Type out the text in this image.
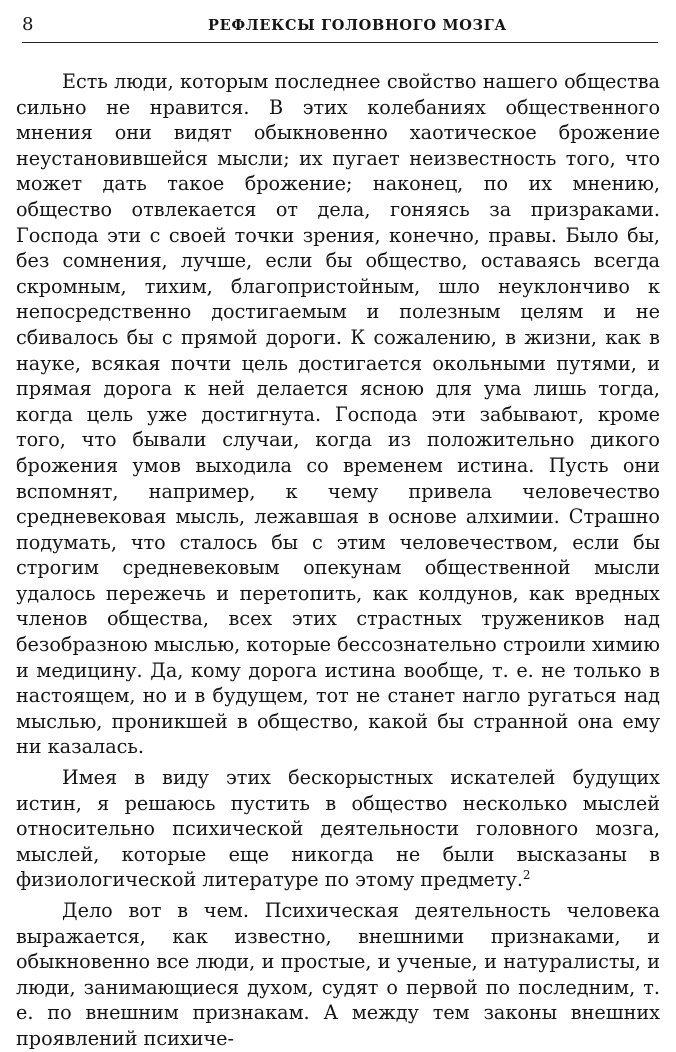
8	РЕФЛЕКСЫ ГОЛОВНОГО МОЗГА

Есть люди, которым последнее свойство нашего общества сильно не нравится. В этих колебаниях общественного мнения они видят обыкновенно хаотическое брожение неустановившейся мысли; их пугает неизвестность того, что может дать такое брожение; наконец, по их мнению, общество отвлекается от дела, гоняясь за призраками. Господа эти с своей точки зрения, конечно, правы. Было бы, без сомнения, лучше, если бы общество, оставаясь всегда скромным, тихим, благопристойным, шло неуклончиво к непосредственно достигаемым и полезным целям и не сбивалось бы с прямой дороги. К сожалению, в жизни, как в науке, всякая почти цель достигается окольными путями, и прямая дорога к ней делается ясною для ума лишь тогда, когда цель уже достигнута. Господа эти забывают, кроме того, что бывали случаи, когда из положительно дикого брожения умов выходила со временем истина. Пусть они вспомнят, например, к чему привела человечество средневековая мысль, лежавшая в основе алхимии. Страшно подумать, что сталось бы с этим человечеством, если бы строгим средневековым опекунам общественной мысли удалось пережечь и перетопить, как колдунов, как вредных членов общества, всех этих страстных тружеников над безобразною мыслью, которые бессознательно строили химию и медицину. Да, кому дорога истина вообще, т. е. не только в настоящем, но и в будущем, тот не станет нагло ругаться над мыслью, проникшей в общество, какой бы странной она ему ни казалась.

Имея в виду этих бескорыстных искателей будущих истин, я решаюсь пустить в общество несколько мыслей относительно психической деятельности головного мозга, мыслей, которые еще никогда не были высказаны в физиологической литературе по этому предмету.$^2$

Дело вот в чем. Психическая деятельность человека выражается, как известно, внешними признаками, и обыкновенно все люди, и простые, и ученые, и натуралисты, и люди, занимающиеся духом, судят о первой по последним, т. е. по внешним признакам. А между тем законы внешних проявлений психиче-
